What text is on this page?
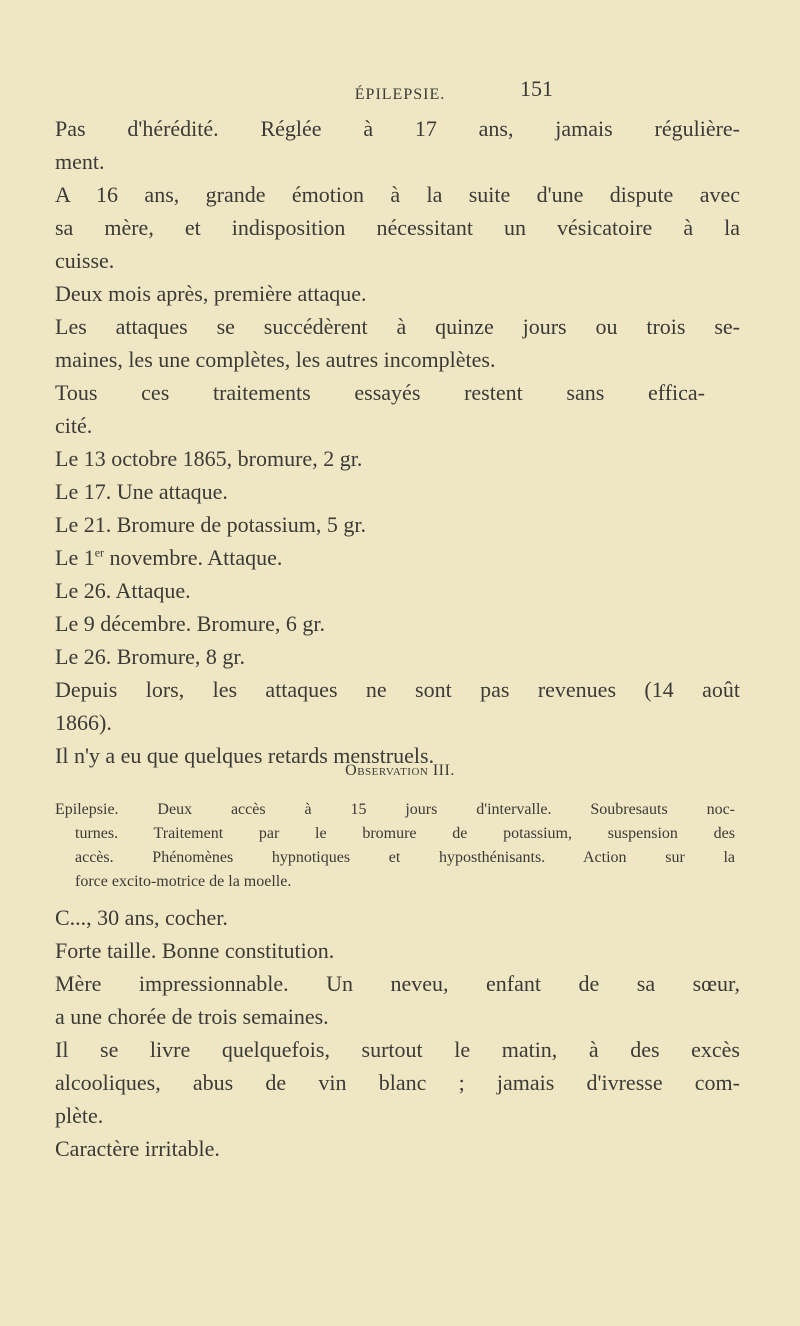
ÉPILEPSIE.	151
Pas d'hérédité. Réglée à 17 ans, jamais régulière-
ment.
A 16 ans, grande émotion à la suite d'une dispute avec
sa mère, et indisposition nécessitant un vésicatoire à la
cuisse.
Deux mois après, première attaque.
Les attaques se succédèrent à quinze jours ou trois se-
maines, les une complètes, les autres incomplètes.
Tous ces traitements essayés restent sans effica-
cité.
Le 13 octobre 1865, bromure, 2 gr.
Le 17. Une attaque.
Le 21. Bromure de potassium, 5 gr.
Le 1er novembre. Attaque.
Le 26. Attaque.
Le 9 décembre. Bromure, 6 gr.
Le 26. Bromure, 8 gr.
Depuis lors, les attaques ne sont pas revenues (14 août
1866).
Il n'y a eu que quelques retards menstruels.
Observation III.
Epilepsie. Deux accès à 15 jours d'intervalle. Soubresauts noc-
turnes. Traitement par le bromure de potassium, suspension des
accès. Phénomènes hypnotiques et hyposthénisants. Action sur la
force excito-motrice de la moelle.
C..., 30 ans, cocher.
Forte taille. Bonne constitution.
Mère impressionnable. Un neveu, enfant de sa sœur,
a une chorée de trois semaines.
Il se livre quelquefois, surtout le matin, à des excès
alcooliques, abus de vin blanc ; jamais d'ivresse com-
plète.
Caractère irritable.
